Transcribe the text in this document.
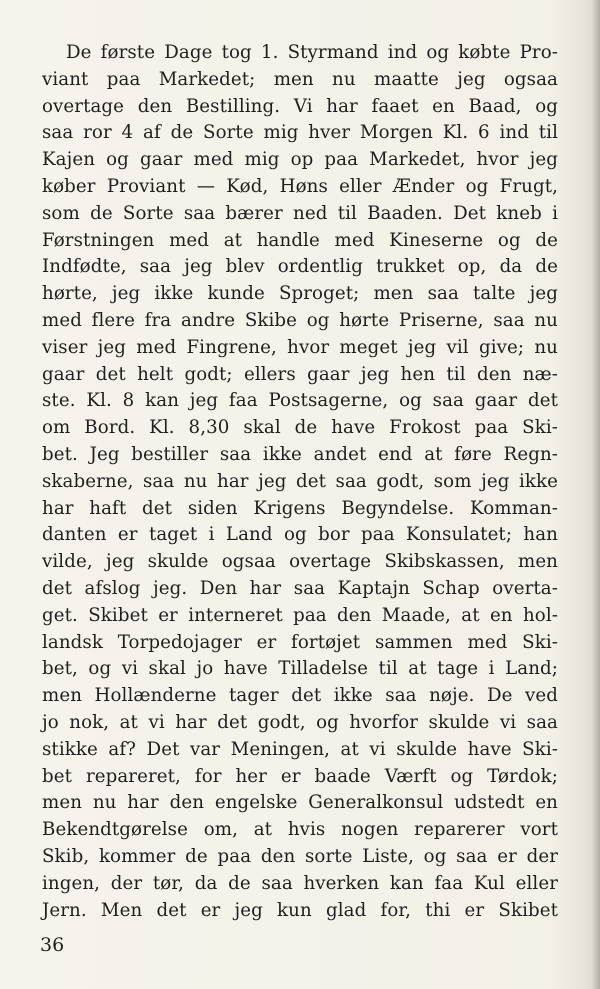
De første Dage tog 1. Styrmand ind og købte Pro-
viant paa Markedet; men nu maatte jeg ogsaa
overtage den Bestilling. Vi har faaet en Baad, og
saa ror 4 af de Sorte mig hver Morgen Kl. 6 ind til
Kajen og gaar med mig op paa Markedet, hvor jeg
køber Proviant — Kød, Høns eller Ænder og Frugt,
som de Sorte saa bærer ned til Baaden. Det kneb i
Førstningen med at handle med Kineserne og de
Indfødte, saa jeg blev ordentlig trukket op, da de
hørte, jeg ikke kunde Sproget; men saa talte jeg
med flere fra andre Skibe og hørte Priserne, saa nu
viser jeg med Fingrene, hvor meget jeg vil give; nu
gaar det helt godt; ellers gaar jeg hen til den næ-
ste. Kl. 8 kan jeg faa Postsagerne, og saa gaar det
om Bord. Kl. 8,30 skal de have Frokost paa Ski-
bet. Jeg bestiller saa ikke andet end at føre Regn-
skaberne, saa nu har jeg det saa godt, som jeg ikke
har haft det siden Krigens Begyndelse. Komman-
danten er taget i Land og bor paa Konsulatet; han
vilde, jeg skulde ogsaa overtage Skibskassen, men
det afslog jeg. Den har saa Kaptajn Schap overta-
get. Skibet er interneret paa den Maade, at en hol-
landsk Torpedojager er fortøjet sammen med Ski-
bet, og vi skal jo have Tilladelse til at tage i Land;
men Hollænderne tager det ikke saa nøje. De ved
jo nok, at vi har det godt, og hvorfor skulde vi saa
stikke af? Det var Meningen, at vi skulde have Ski-
bet repareret, for her er baade Værft og Tørdok;
men nu har den engelske Generalkonsul udstedt en
Bekendtgørelse om, at hvis nogen reparerer vort
Skib, kommer de paa den sorte Liste, og saa er der
ingen, der tør, da de saa hverken kan faa Kul eller
Jern. Men det er jeg kun glad for, thi er Skibet
36
